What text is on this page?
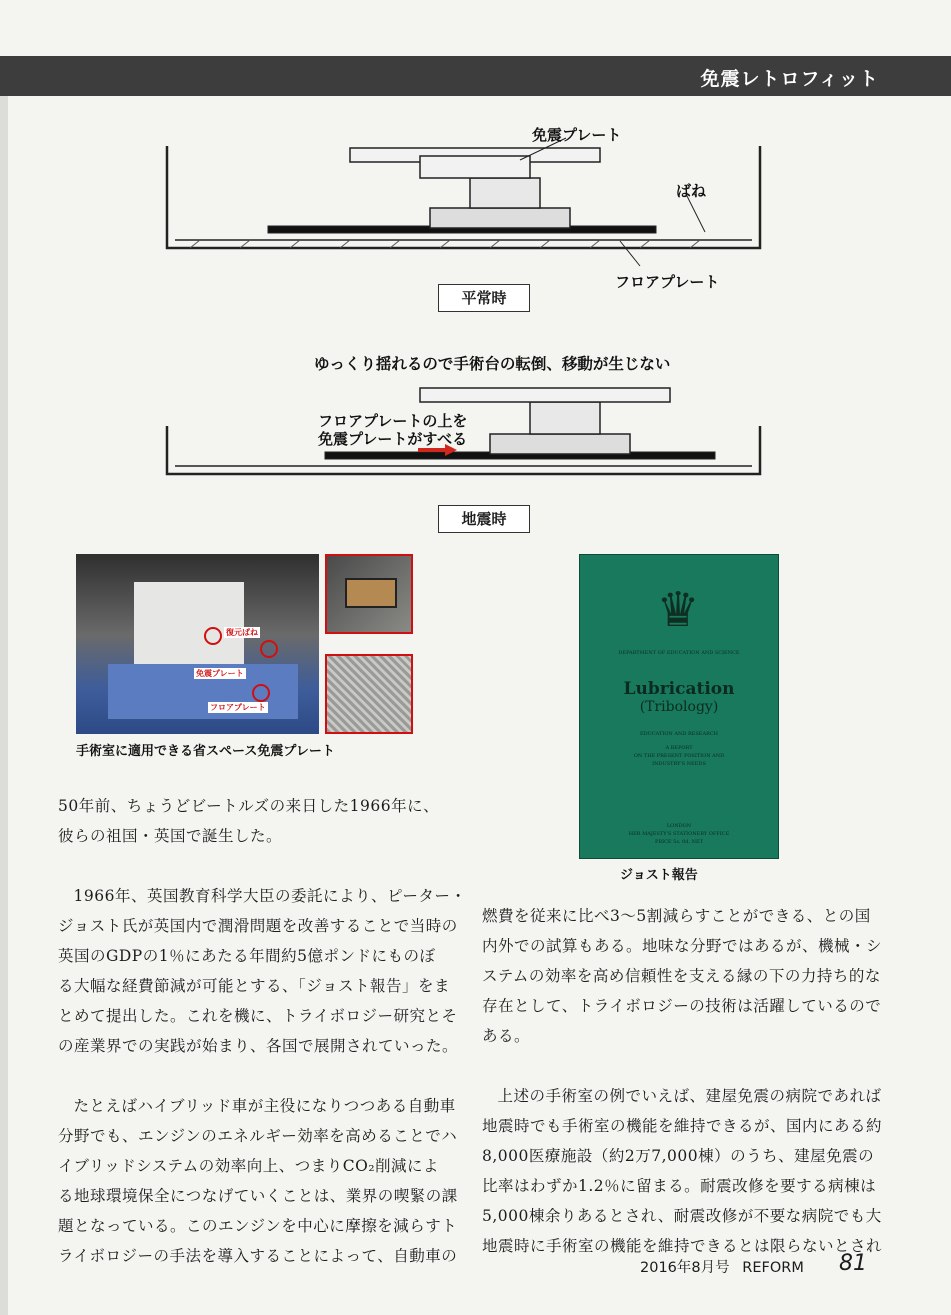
免震レトロフィット
免震プレート
ばね
フロアプレート
平常時
ゆっくり揺れるので手術台の転倒、移動が生じない
フロアプレートの上を
免震プレートがすべる
地震時
復元ばね
免震プレート
フロアプレート
手術室に適用できる省スペース免震プレート
DEPARTMENT OF EDUCATION AND SCIENCE
♛
Lubrication
(Tribology)
EDUCATION AND RESEARCH
A REPORT
ON THE PRESENT POSITION AND
INDUSTRY'S NEEDS
LONDON
HER MAJESTY'S STATIONERY OFFICE
PRICE 5s. 0d. NET
ジョスト報告

50年前、ちょうどビートルズの来日した1966年に、

彼らの祖国・英国で誕生した。

1966年、英国教育科学大臣の委託により、ピーター・

ジョスト氏が英国内で潤滑問題を改善することで当時の

英国のGDPの1％にあたる年間約5億ポンドにものぼ

る大幅な経費節減が可能とする、「ジョスト報告」をま

とめて提出した。これを機に、トライボロジー研究とそ

の産業界での実践が始まり、各国で展開されていった。

たとえばハイブリッド車が主役になりつつある自動車

分野でも、エンジンのエネルギー効率を高めることでハ

イブリッドシステムの効率向上、つまりCO₂削減によ

る地球環境保全につなげていくことは、業界の喫緊の課

題となっている。このエンジンを中心に摩擦を減らすト

ライボロジーの手法を導入することによって、自動車の

燃費を従来に比べ3～5割減らすことができる、との国

内外での試算もある。地味な分野ではあるが、機械・シ

ステムの効率を高め信頼性を支える縁の下の力持ち的な

存在として、トライボロジーの技術は活躍しているので

ある。

上述の手術室の例でいえば、建屋免震の病院であれば

地震時でも手術室の機能を維持できるが、国内にある約

8,000医療施設（約2万7,000棟）のうち、建屋免震の

比率はわずか1.2％に留まる。耐震改修を要する病棟は

5,000棟余りあるとされ、耐震改修が不要な病院でも大

地震時に手術室の機能を維持できるとは限らないとされ

2016年8月号 REFORM 81
